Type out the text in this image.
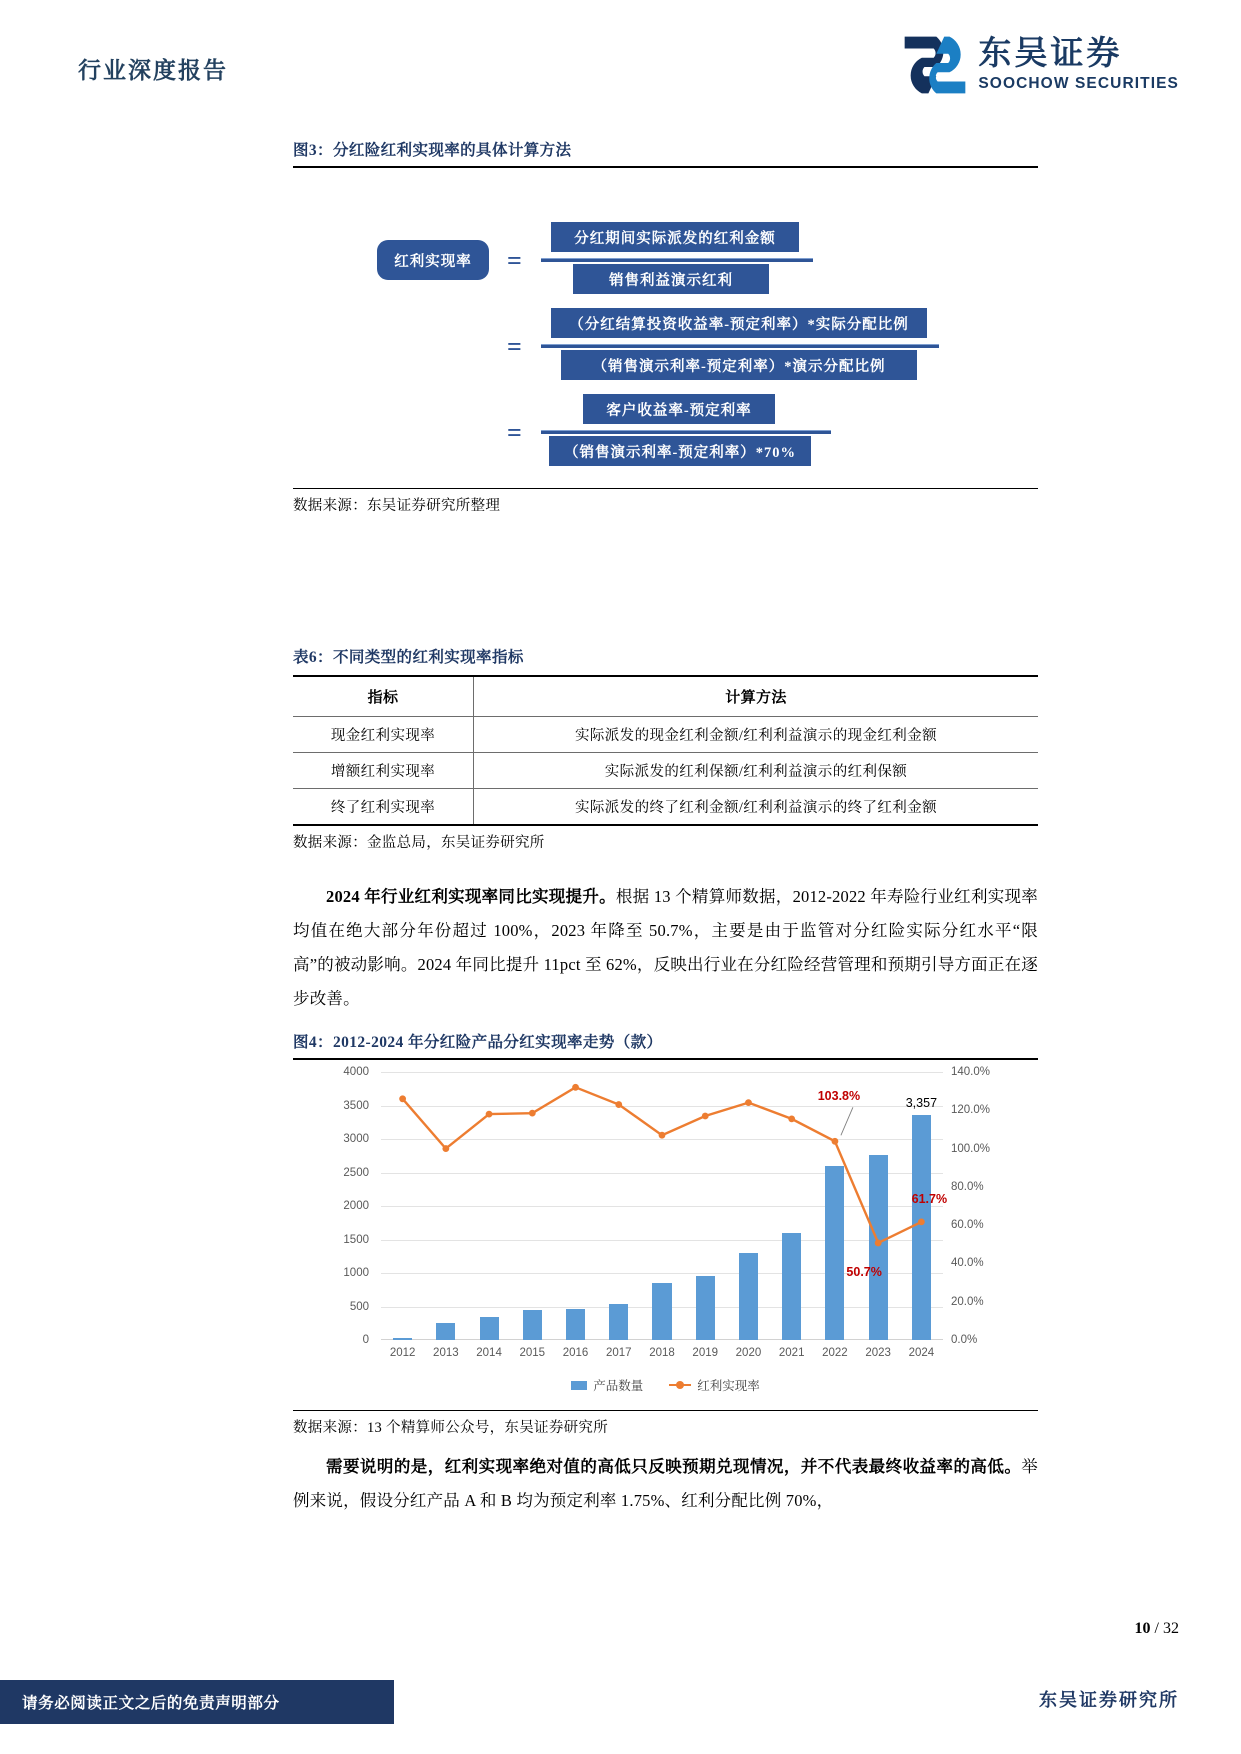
行业深度报告	东吴证券
SOOCHOW SECURITIES
图3：分红险红利实现率的具体计算方法
红利实现率	=
分红期间实际派发的红利金额
销售利益演示红利
=
（分红结算投资收益率-预定利率）*实际分配比例
（销售演示利率-预定利率）*演示分配比例
=
客户收益率-预定利率
（销售演示利率-预定利率）*70%
数据来源：东吴证券研究所整理
表6：不同类型的红利实现率指标
指标	计算方法
现金红利实现率	实际派发的现金红利金额/红利利益演示的现金红利金额
增额红利实现率	实际派发的红利保额/红利利益演示的红利保额
终了红利实现率	实际派发的终了红利金额/红利利益演示的终了红利金额
数据来源：金监总局，东吴证券研究所

2024 年行业红利实现率同比实现提升。根据 13 个精算师数据，2012-2022 年寿险行业红利实现率均值在绝大部分年份超过 100%，2023 年降至 50.7%，主要是由于监管对分红险实际分红水平“限高”的被动影响。2024 年同比提升 11pct 至 62%，反映出行业在分红险经营管理和预期引导方面正在逐步改善。

图4：2012-2024 年分红险产品分红实现率走势（款）
产品数量	红利实现率
0
500
1000
1500
2000
2500
3000
3500
4000
0.0%
20.0%
40.0%
60.0%
80.0%
100.0%
120.0%
140.0%
2012 2013 2014 2015 2016 2017 2018 2019 2020 2021 2022 2023 2024
3,357
103.8%
50.7%
61.7%
数据来源：13 个精算师公众号，东吴证券研究所

需要说明的是，红利实现率绝对值的高低只反映预期兑现情况，并不代表最终收益率的高低。举例来说，假设分红产品 A 和 B 均为预定利率 1.75%、红利分配比例 70%，

10 / 32
请务必阅读正文之后的免责声明部分	东吴证券研究所
